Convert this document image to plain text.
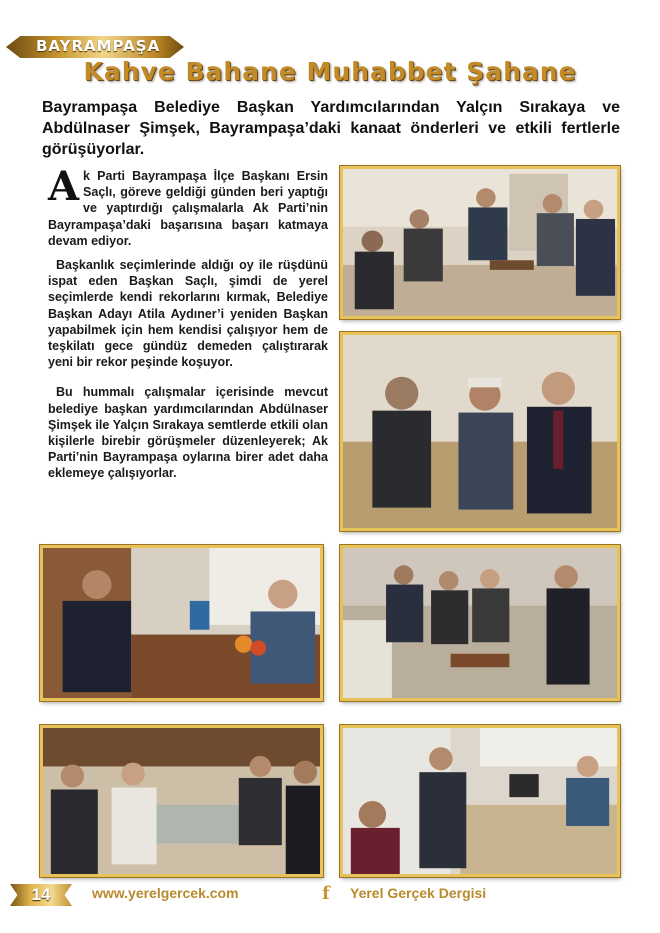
BAYRAMPAŞA
Kahve Bahane Muhabbet Şahane
Bayrampaşa Belediye Başkan Yardımcılarından Yalçın Sırakaya ve Abdülnaser Şimşek, Bayrampaşa’daki kanaat önderleri ve etkili fertlerle görüşüyorlar.

A k Parti Bayrampaşa İlçe Başkanı Ersin Saçlı, göreve geldiği günden beri yaptığı ve yaptırdığı çalışmalarla Ak Parti’nin Bayrampaşa’daki başarısına başarı katmaya devam ediyor.

Başkanlık seçimlerinde aldığı oy ile rüşdünü ispat eden Başkan Saçlı, şimdi de yerel seçimlerde kendi rekorlarını kırmak, Belediye Başkan Adayı Atila Aydıner’i yeniden Başkan yapabilmek için hem kendisi çalışıyor hem de teşkilatı gece gündüz demeden çalıştırarak yeni bir rekor peşinde koşuyor.

Bu hummalı çalışmalar içerisinde mevcut belediye başkan yardımcılarından Abdülnaser Şimşek ile Yalçın Sırakaya semtlerde etkili olan kişilerle birebir görüşmeler düzenleyerek; Ak Parti’nin Bayrampaşa oylarına birer adet daha eklemeye çalışıyorlar.

14	www.yerelgercek.com	f Yerel Gerçek Dergisi
